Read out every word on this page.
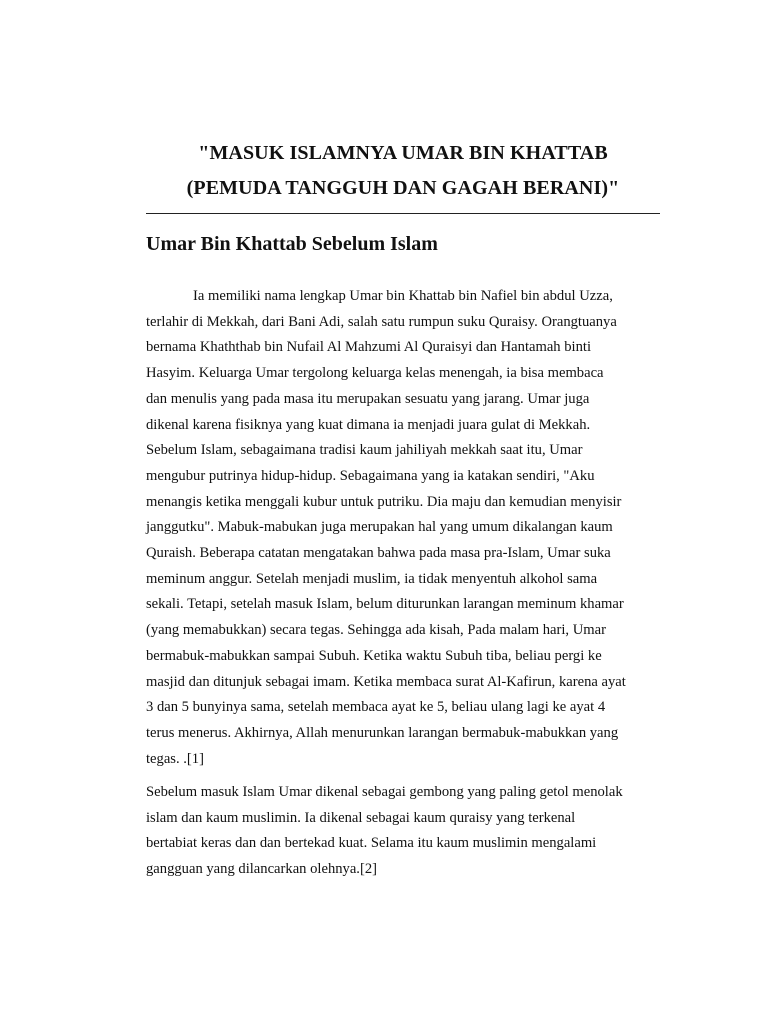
"MASUK ISLAMNYA UMAR BIN KHATTAB
(PEMUDA TANGGUH DAN GAGAH BERANI)"
Umar Bin Khattab Sebelum Islam

Ia memiliki nama lengkap Umar bin Khattab bin Nafiel bin abdul Uzza,
terlahir di Mekkah, dari Bani Adi, salah satu rumpun suku Quraisy. Orangtuanya
bernama Khaththab bin Nufail Al Mahzumi Al Quraisyi dan Hantamah binti
Hasyim. Keluarga Umar tergolong keluarga kelas menengah, ia bisa membaca
dan menulis yang pada masa itu merupakan sesuatu yang jarang. Umar juga
dikenal karena fisiknya yang kuat dimana ia menjadi juara gulat di Mekkah.
Sebelum Islam, sebagaimana tradisi kaum jahiliyah mekkah saat itu, Umar
mengubur putrinya hidup-hidup. Sebagaimana yang ia katakan sendiri, "Aku
menangis ketika menggali kubur untuk putriku. Dia maju dan kemudian menyisir
janggutku". Mabuk-mabukan juga merupakan hal yang umum dikalangan kaum
Quraish. Beberapa catatan mengatakan bahwa pada masa pra-Islam, Umar suka
meminum anggur. Setelah menjadi muslim, ia tidak menyentuh alkohol sama
sekali. Tetapi, setelah masuk Islam, belum diturunkan larangan meminum khamar
(yang memabukkan) secara tegas. Sehingga ada kisah, Pada malam hari, Umar
bermabuk-mabukkan sampai Subuh. Ketika waktu Subuh tiba, beliau pergi ke
masjid dan ditunjuk sebagai imam. Ketika membaca surat Al-Kafirun, karena ayat
3 dan 5 bunyinya sama, setelah membaca ayat ke 5, beliau ulang lagi ke ayat 4
terus menerus. Akhirnya, Allah menurunkan larangan bermabuk-mabukkan yang
tegas. .[1]

Sebelum masuk Islam Umar dikenal sebagai gembong yang paling getol menolak
islam dan kaum muslimin. Ia dikenal sebagai kaum quraisy yang terkenal
bertabiat keras dan dan bertekad kuat. Selama itu kaum muslimin mengalami
gangguan yang dilancarkan olehnya.[2]
